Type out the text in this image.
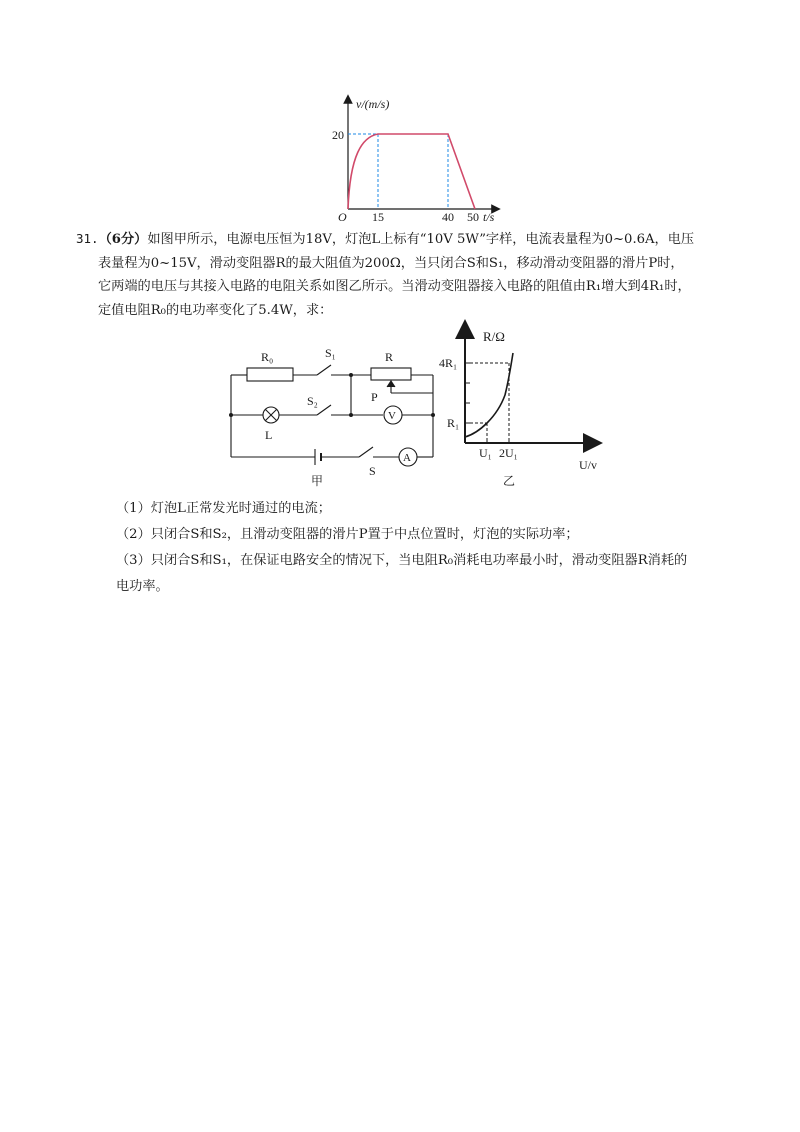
v/(m/s)
20
O 15	40 50 t/s
31.（6分）如图甲所示，电源电压恒为18V，灯泡L上标有“10V 5W”字样，电流表量程为0~0.6A，电压
表量程为0~15V，滑动变阻器R的最大阻值为200Ω，当只闭合S和S₁，移动滑动变阻器的滑片P时，
它两端的电压与其接入电路的电阻关系如图乙所示。当滑动变阻器接入电路的阻值由R₁增大到4R₁时，
定值电阻R₀的电功率变化了5.4W，求：
R₀	S₁	R
S₂	P
L
V
A
S
甲
R/Ω
4R₁
R₁
U₁ 2U₁
U/v
乙
（1）灯泡L正常发光时通过的电流；
（2）只闭合S和S₂，且滑动变阻器的滑片P置于中点位置时，灯泡的实际功率；
（3）只闭合S和S₁，在保证电路安全的情况下，当电阻R₀消耗电功率最小时，滑动变阻器R消耗的
电功率。
